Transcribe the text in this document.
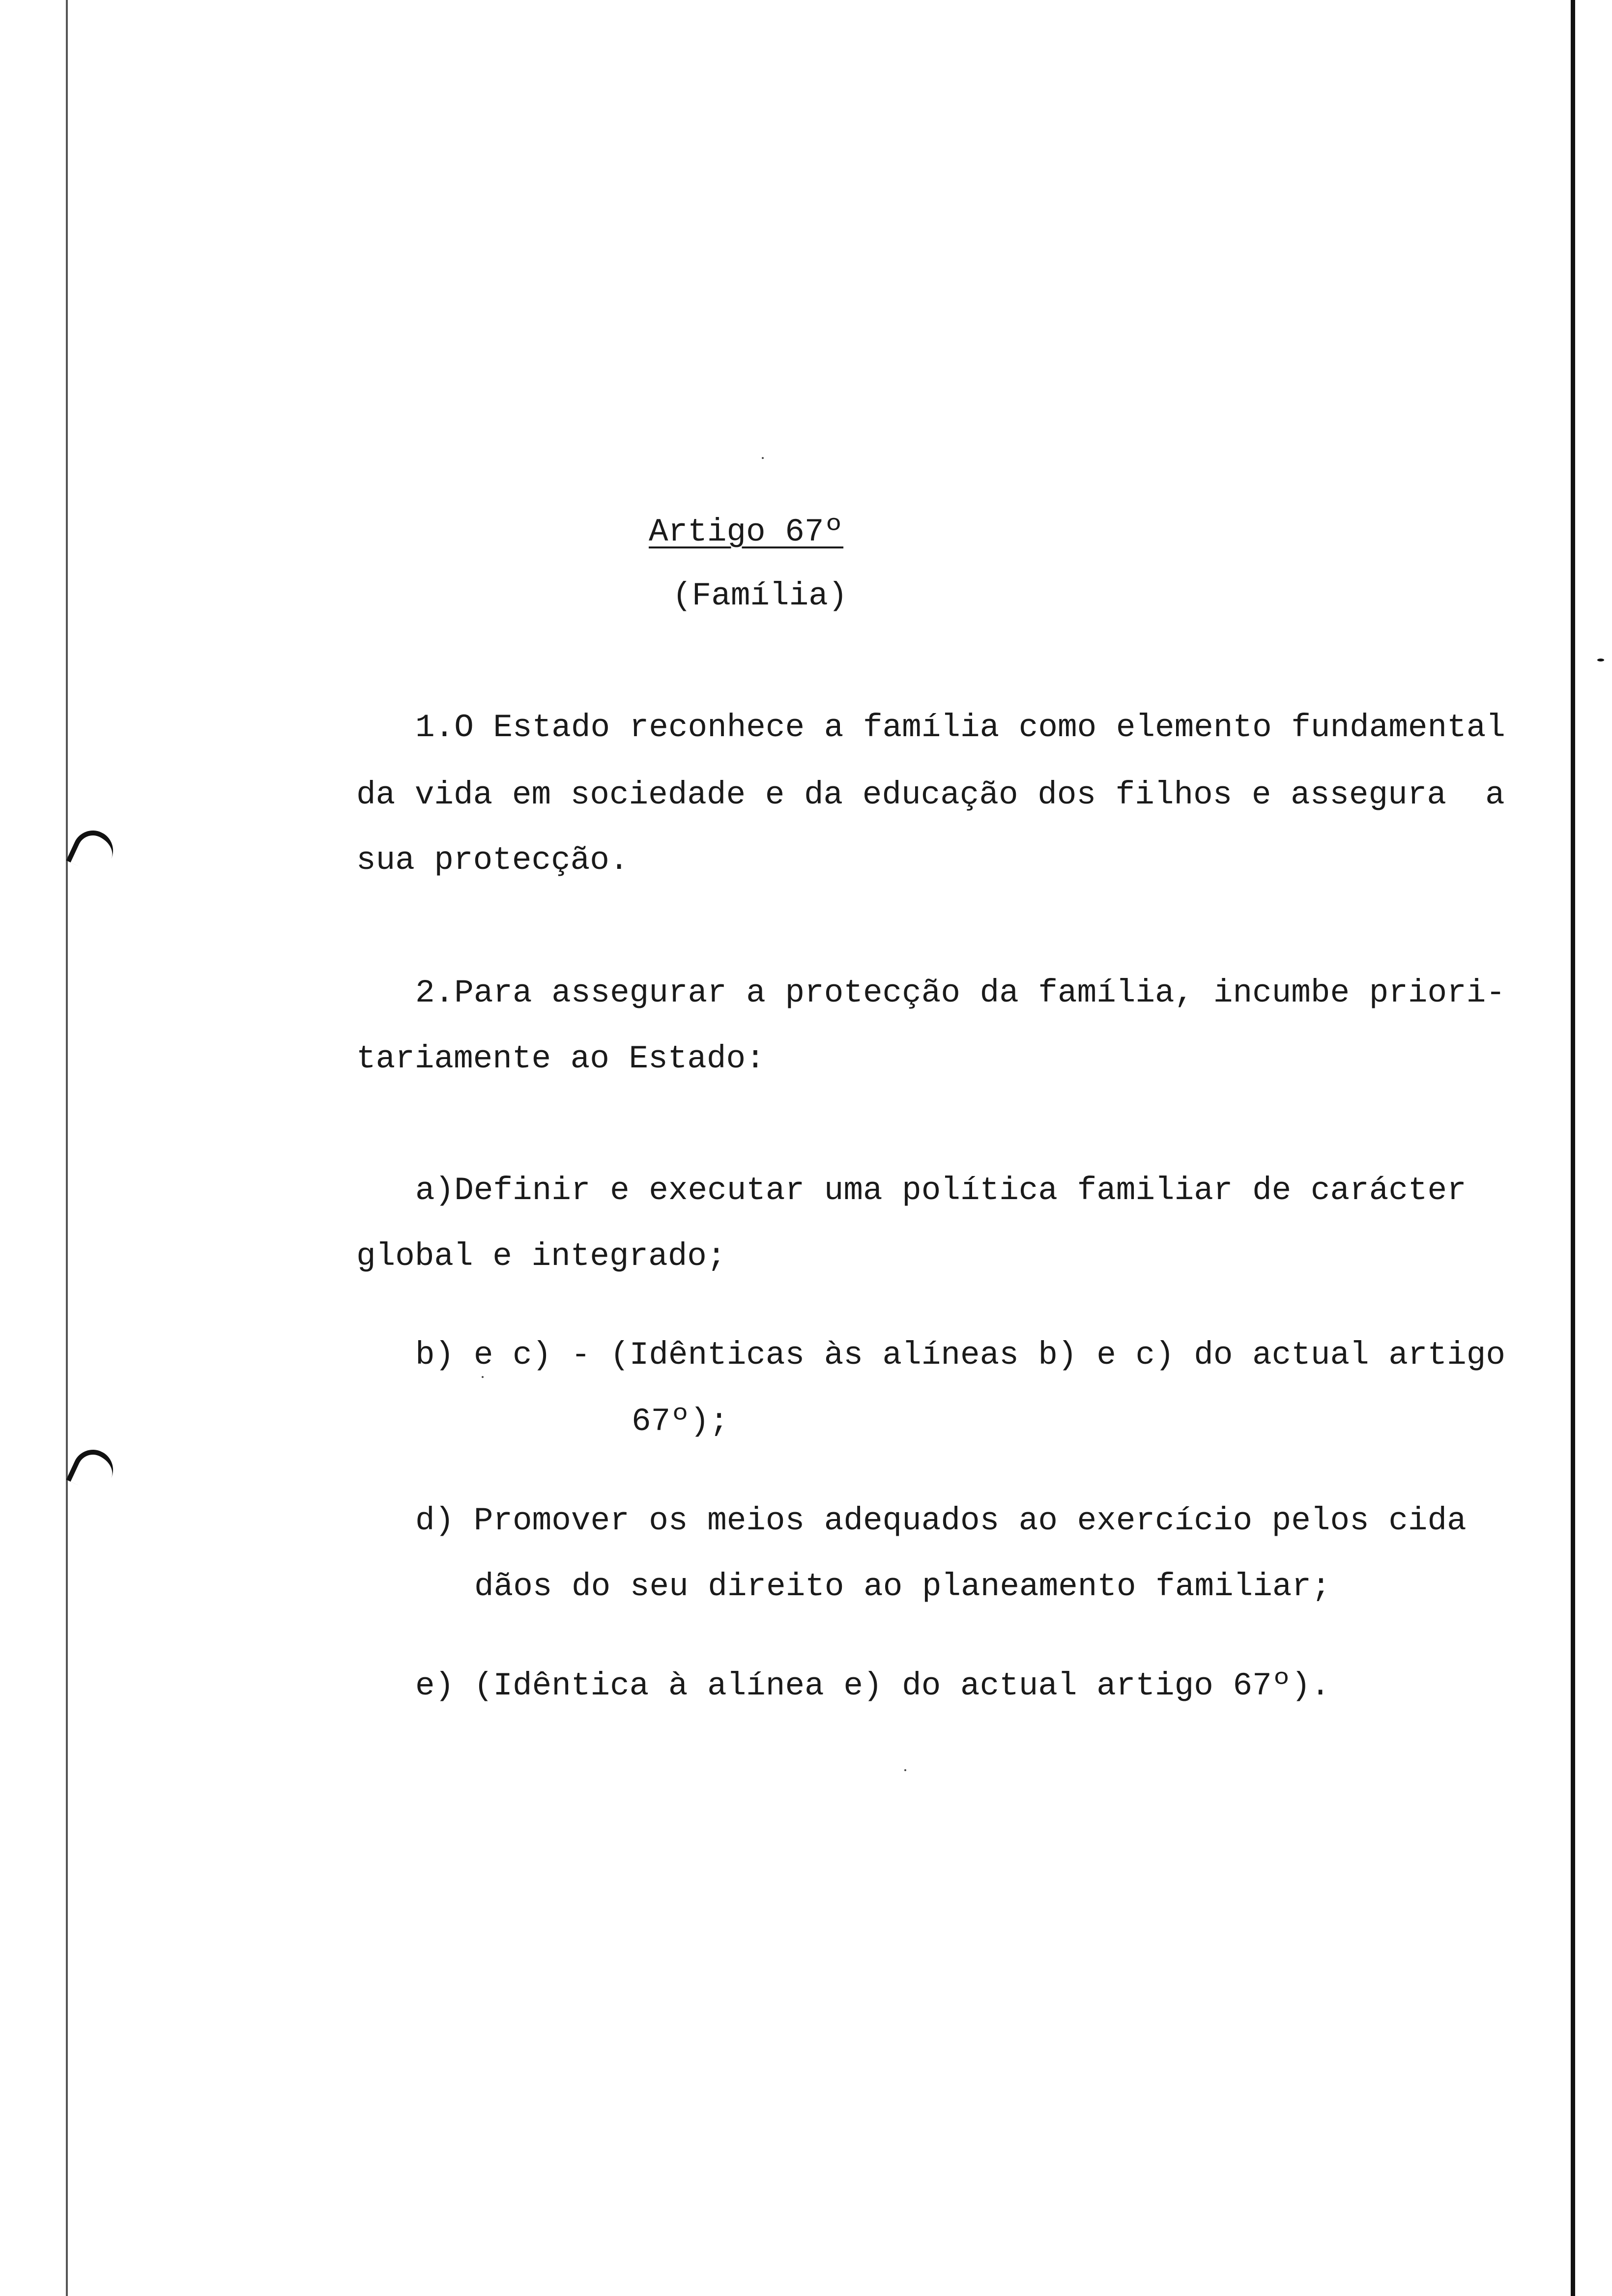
Artigo 67º
(Família)
1.O Estado reconhece a família como elemento fundamental
da vida em sociedade e da educação dos filhos e assegura  a
sua protecção.
2.Para assegurar a protecção da família, incumbe priori-
tariamente ao Estado:
a)Definir e executar uma política familiar de carácter
global e integrado;
b) e c) - (Idênticas às alíneas b) e c) do actual artigo
67º);
d) Promover os meios adequados ao exercício pelos cida
dãos do seu direito ao planeamento familiar;
e) (Idêntica à alínea e) do actual artigo 67º).
